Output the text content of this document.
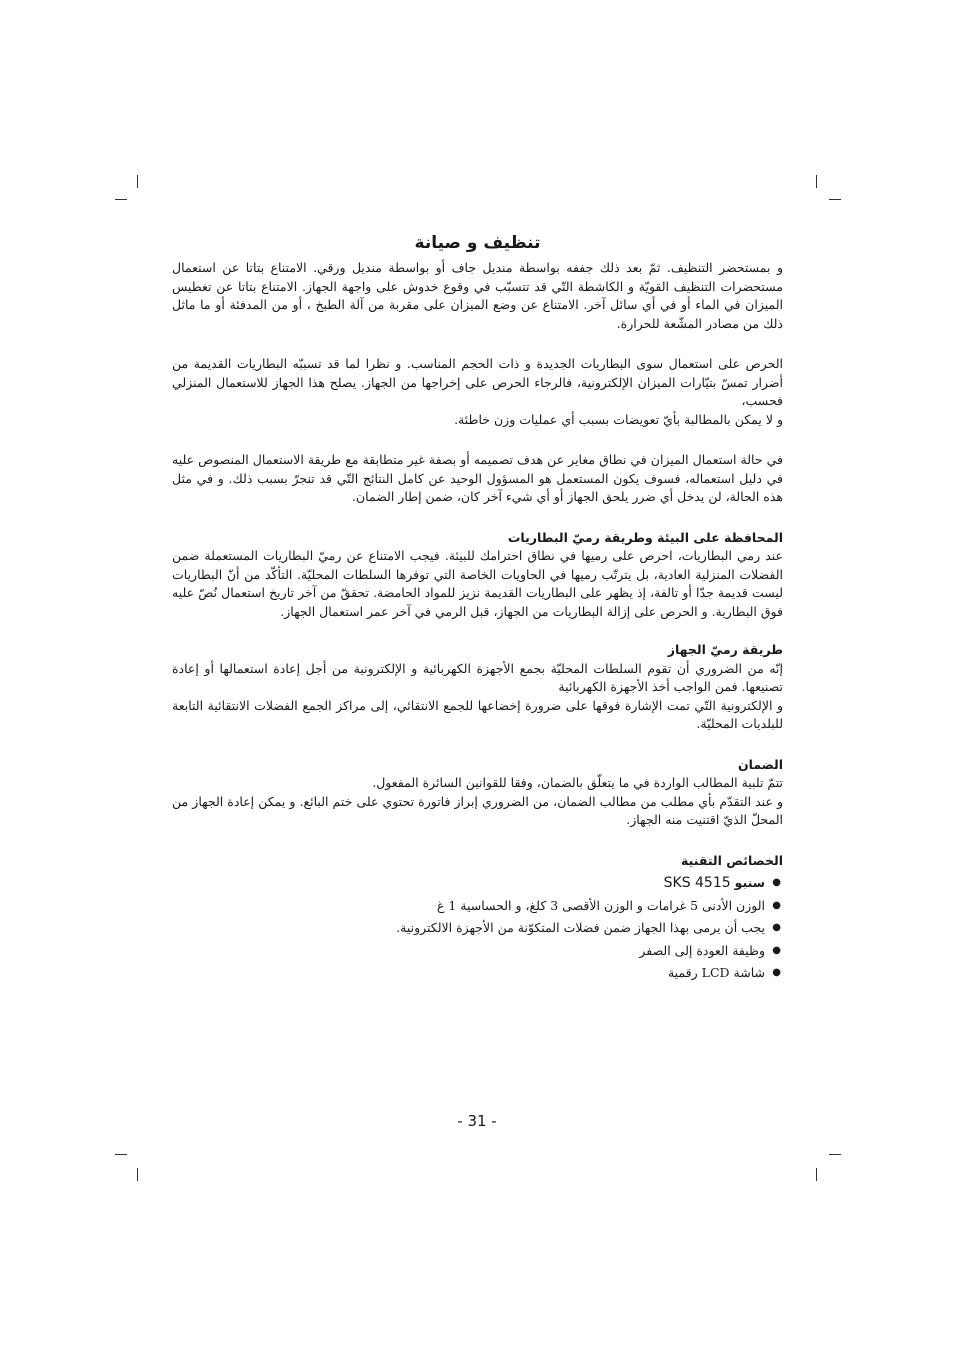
تنظيف و صيانة

و بمستحضر التنظيف. ثمّ بعد ذلك جففه بواسطة منديل جاف أو بواسطة منديل ورقي. الامتناع بتاتا عن استعمال مستحضرات التنظيف القويّة و الكاشطة التّي قد تتسبّب في وقوع خدوش على واجهة الجهاز. الامتناع بتاتا عن تغطيس الميزان في الماء أو في أي سائل آخر. الامتناع عن وضع الميزان على مقربة من آلة الطبخ ، أو من المدفئة أو ما ماثل ذلك من مصادر المشّعة للحرارة.

الحرص على استعمال سوى البطاريات الجديدة و ذات الحجم المناسب. و نظرا لما قد تسببّه البطاريات القديمة من أضرار تمسّ بتيّارات الميزان الإلكترونية، فالرجاء الحرص على إخراجها من الجهاز. يصلح هذا الجهاز للاستعمال المنزلي فحسب،

و لا يمكن بالمطالبة بأيّ تعويضات بسبب أي عمليات وزن خاطئة.

في حالة استعمال الميزان في نطاق مغاير عن هدف تصميمه أو بصفة غير متطابقة مع طريقة الاستعمال المنصوص عليه في دليل استعماله، فسوف يكون المستعمل هو المسؤول الوحيد عن كامل النتائج التّي قد تنجرّ بسبب ذلك. و في مثل هذه الحالة، لن يدخل أي ضرر يلحق الجهاز أو أي شيء آخر كان، ضمن إطار الضمان.

المحافظة على البيئة وطريقة رميّ البطاريات

عند رمي البطاريات، احرص على رميها في نطاق احترامك للبيئة. فيجب الامتناع عن رميّ البطاريات المستعملة ضمن الفضلات المنزلية العادية، بل يترتّب رميها في الحاويات الخاصة التي توفرها السلطات المحليّة. التأكّد من أنّ البطاريات ليست قديمة جدّا أو تالفة، إذ يظهر على البطاريات القديمة نزيز للمواد الحامضة. تحققّ من آخر تاريخ استعمال نُصّ عليه فوق البطارية. و الحرص على إزالة البطاريات من الجهاز، قبل الرمي في آخر عمر استعمال الجهاز.

طريقة رميّ الجهاز

إنّه من الضروري أن تقوم السلطات المحليّة بجمع الأجهزة الكهربائية و الإلكترونية من أجل إعادة استعمالها أو إعادة تصنيعها. فمن الواجب أخذ الأجهزة الكهربائية

و الإلكترونية التّي تمت الإشارة فوقها على ضرورة إخضاعها للجمع الانتقائي، إلى مراكز الجمع الفضلات الانتقائية التابعة للبلديات المحليّة.

الضمان

تتمّ تلبية المطالب الواردة في ما يتعلّق بالضمان، وفقا للقوانين السائرة المفعول.

و عند التقدّم بأي مطلب من مطالب الضمان، من الضروري إبراز فاتورة تحتوي على ختم البائع. و يمكن إعادة الجهاز من المحلّ الذيّ اقتنيت منه الجهاز.

الخصائص التقنية
●
سنبو SKS 4515
●
الوزن الأدنى 5 غرامات و الوزن الأقصى 3 كلغ، و الحساسية 1 غ
●
يجب أن يرمى بهذا الجهاز ضمن فضلات المتكوّنة من الأجهزة الالكترونية.
●
وظيفة العودة إلى الصفر
●
شاشة LCD رقمية
- 31 -
